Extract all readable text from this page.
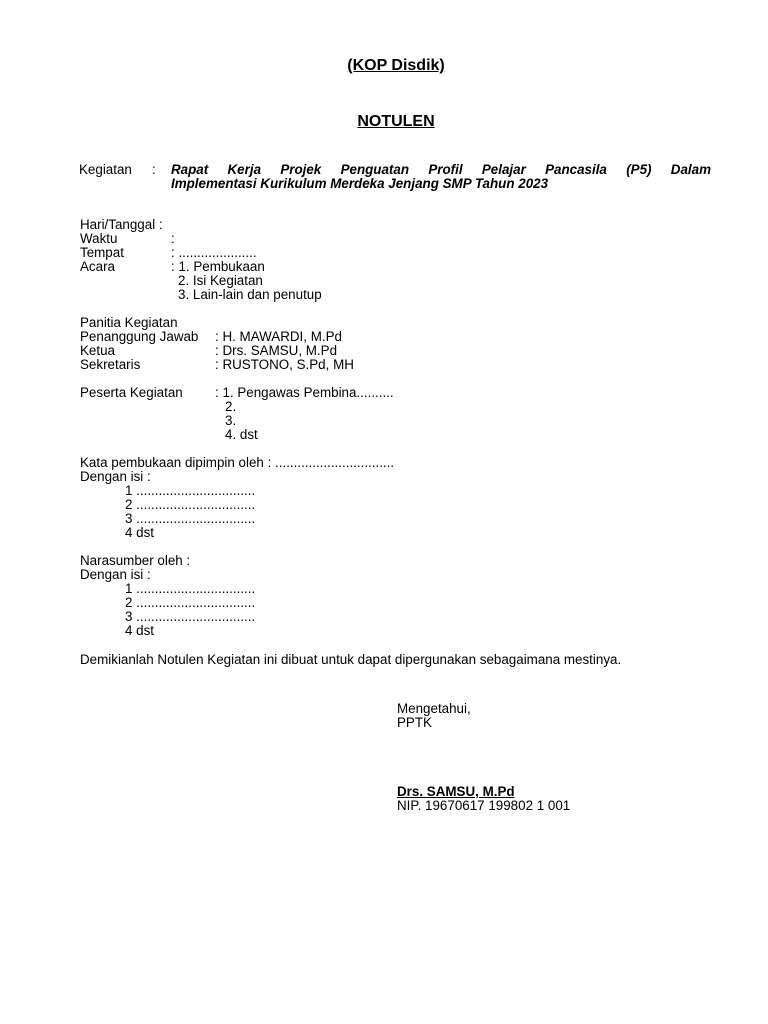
(KOP Disdik)
NOTULEN
Kegiatan : Rapat Kerja Projek Penguatan Profil Pelajar Pancasila (P5) Dalam
Implementasi Kurikulum Merdeka Jenjang SMP Tahun 2023
Hari/Tanggal :
Waktu	:
Tempat	: .....................
Acara	: 1. Pembukaan
2. Isi Kegiatan
3. Lain-lain dan penutup
Panitia Kegiatan
Penanggung Jawab : H. MAWARDI, M.Pd
Ketua	: Drs. SAMSU, M.Pd
Sekretaris	: RUSTONO, S.Pd, MH
Peserta Kegiatan : 1. Pengawas Pembina..........
2.
3.
4. dst
Kata pembukaan dipimpin oleh : ................................
Dengan isi :
1 ................................
2 ................................
3 ................................
4 dst
Narasumber oleh :
Dengan isi :
1 ................................
2 ................................
3 ................................
4 dst
Demikianlah Notulen Kegiatan ini dibuat untuk dapat dipergunakan sebagaimana mestinya.
Mengetahui,
PPTK
Drs. SAMSU, M.Pd
NIP. 19670617 199802 1 001
